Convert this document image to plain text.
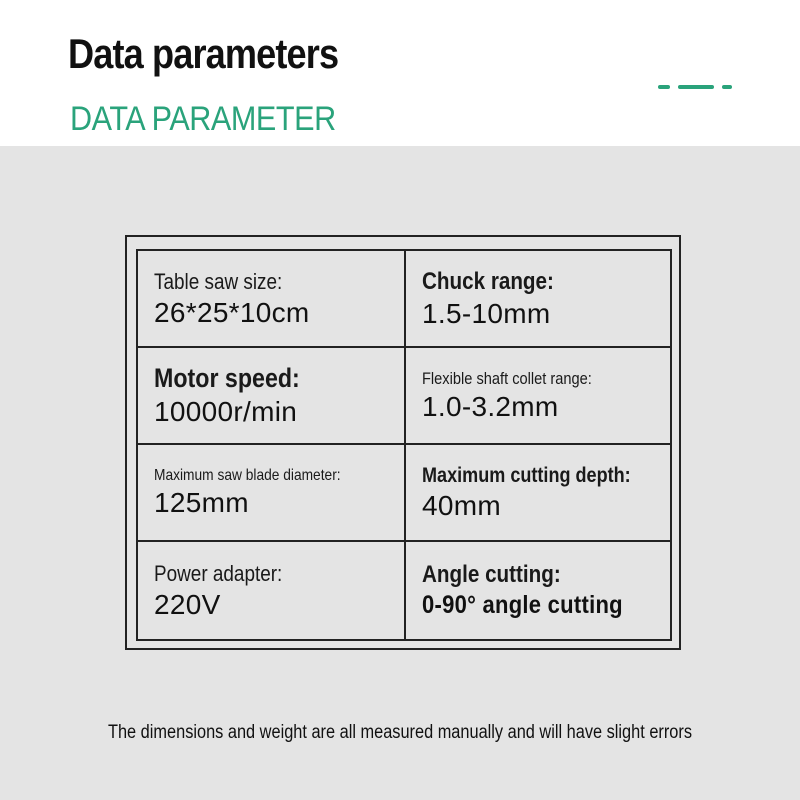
Data parameters
DATA PARAMETER
Table saw size:
26*25*10cm
Chuck range:
1.5-10mm
Motor speed:
10000r/min
Flexible shaft collet range:
1.0-3.2mm
Maximum saw blade diameter:
125mm
Maximum cutting depth:
40mm
Power adapter:
220V
Angle cutting:
0-90° angle cutting
The dimensions and weight are all measured manually and will have slight errors
